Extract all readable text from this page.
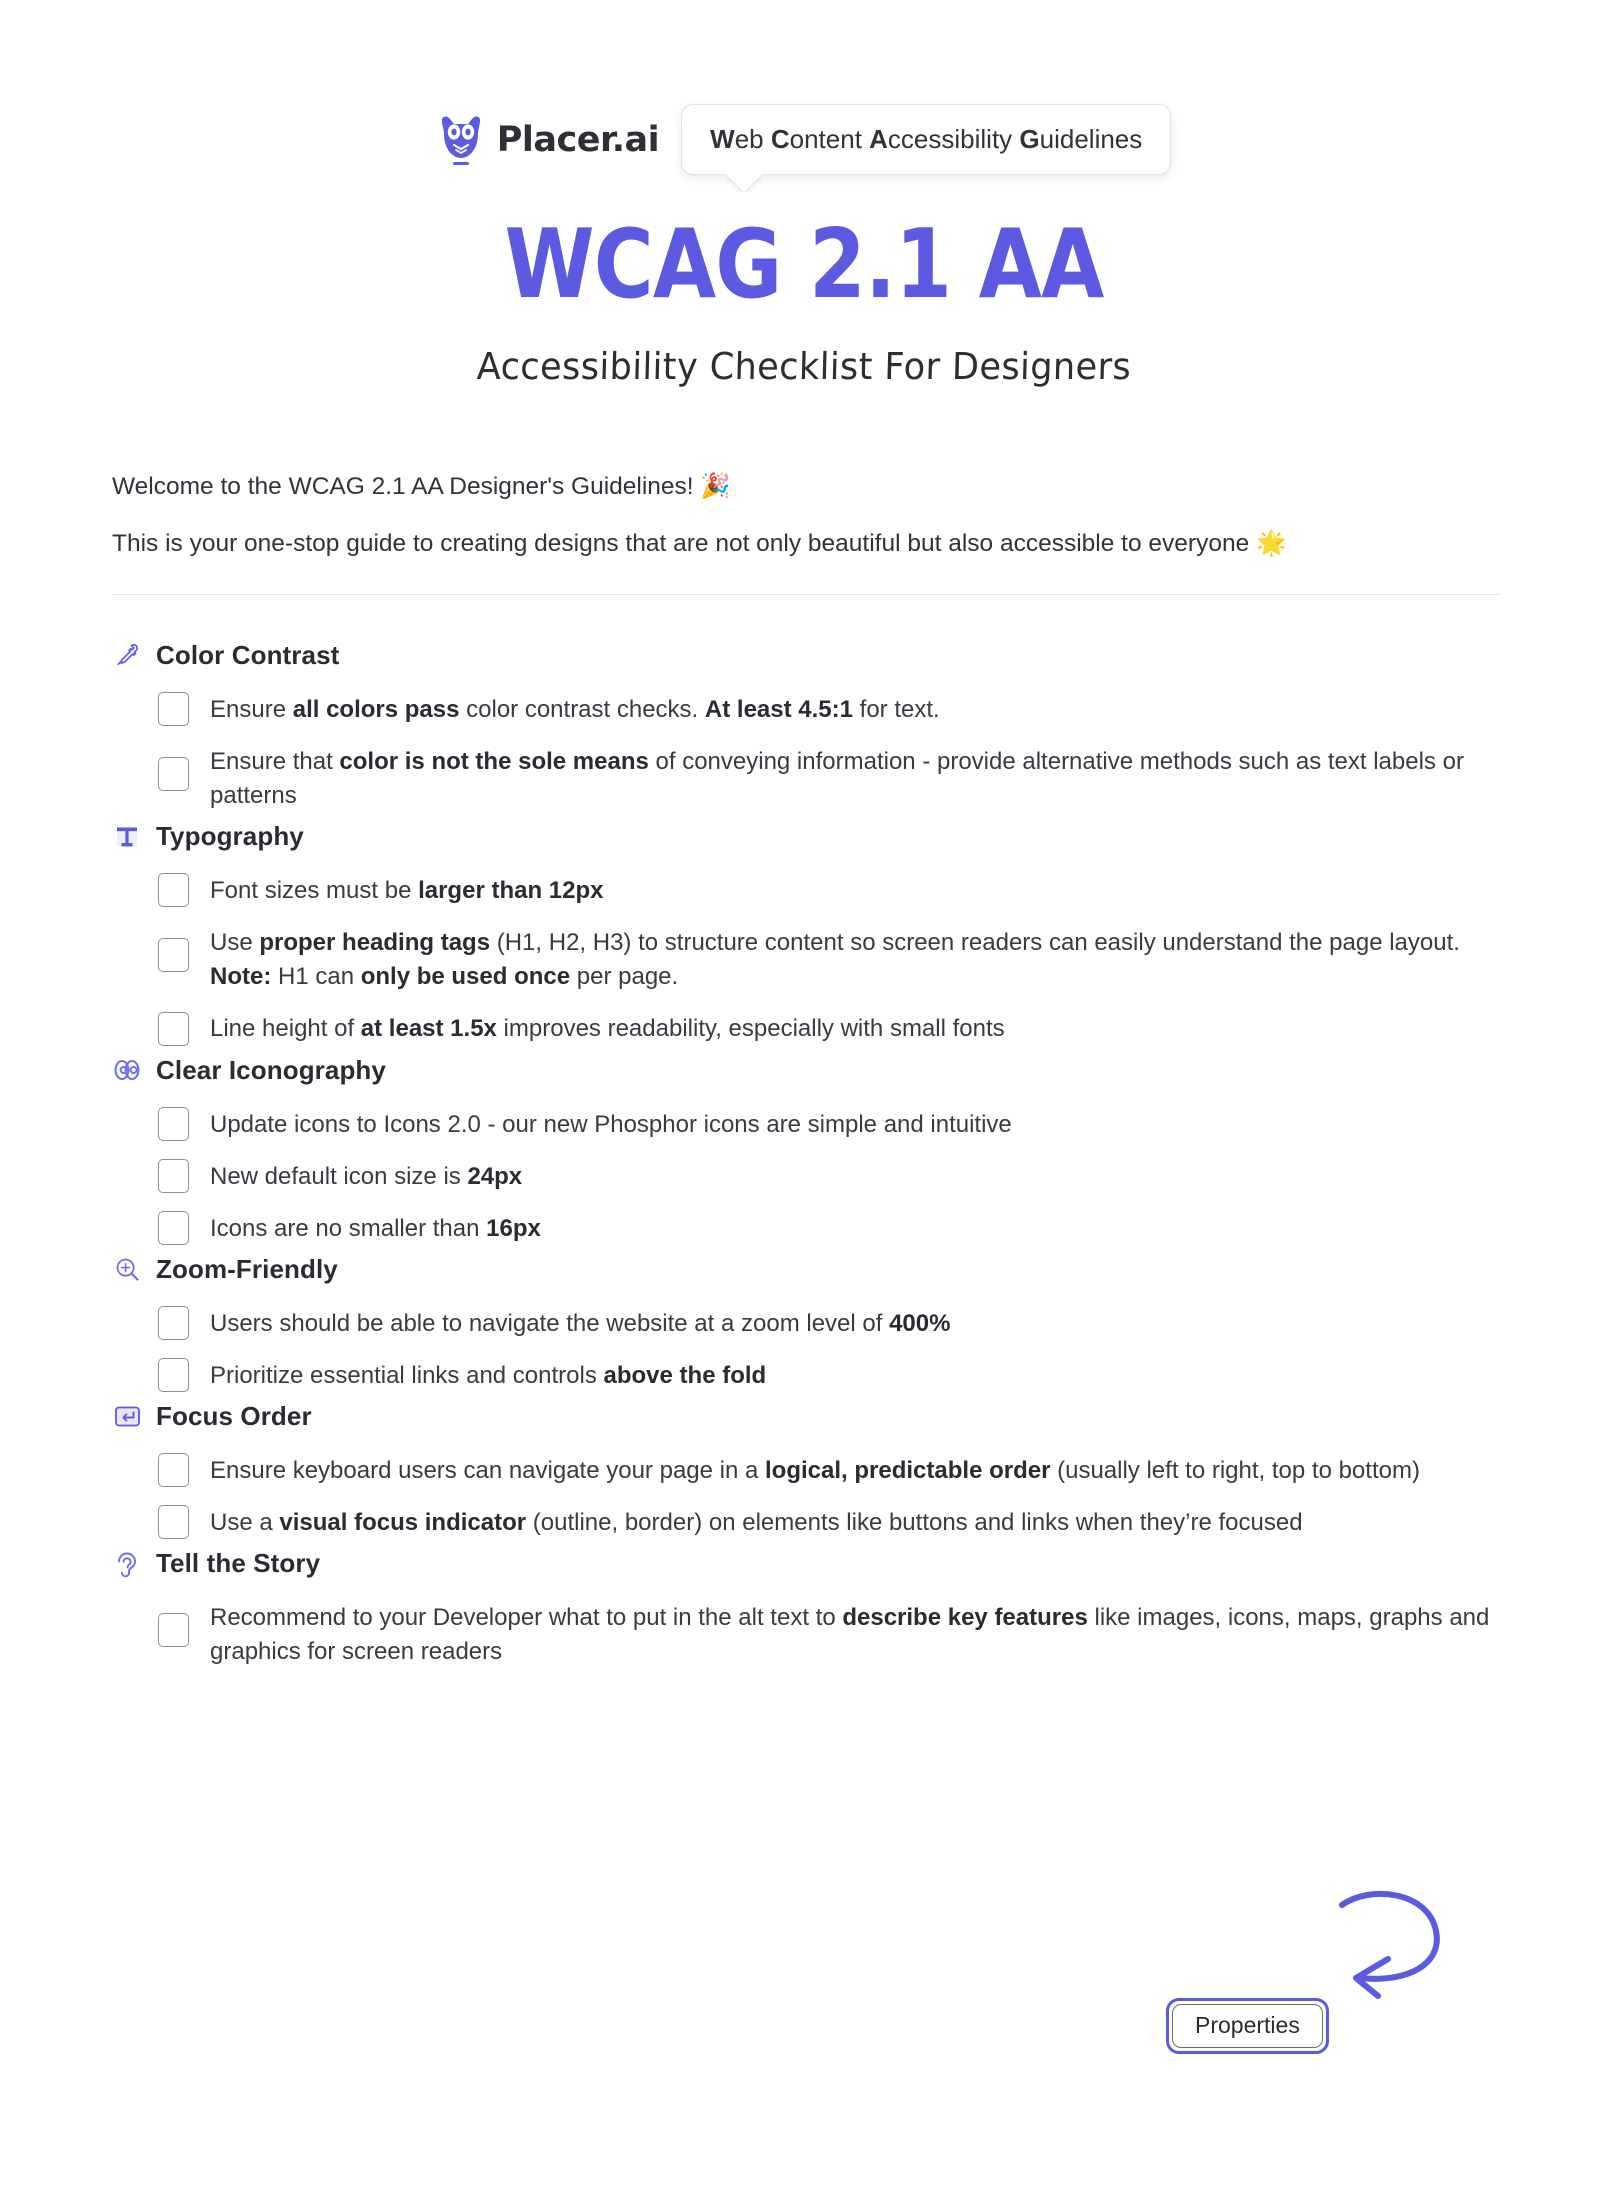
Placer.ai	Web Content Accessibility Guidelines
WCAG 2.1 AA
Accessibility Checklist For Designers

Welcome to the WCAG 2.1 AA Designer's Guidelines! 🎉

This is your one-stop guide to creating designs that are not only beautiful but also accessible to everyone 🌟

Color Contrast
Ensure all colors pass color contrast checks. At least 4.5:1 for text.
Ensure that color is not the sole means of conveying information - provide alternative methods such as text labels or patterns
Typography
Font sizes must be larger than 12px
Use proper heading tags (H1, H2, H3) to structure content so screen readers can easily understand the page layout. Note: H1 can only be used once per page.
Line height of at least 1.5x improves readability, especially with small fonts
Clear Iconography
Update icons to Icons 2.0 - our new Phosphor icons are simple and intuitive
New default icon size is 24px
Icons are no smaller than 16px
Zoom-Friendly
Users should be able to navigate the website at a zoom level of 400%
Prioritize essential links and controls above the fold
Focus Order
Ensure keyboard users can navigate your page in a logical, predictable order (usually left to right, top to bottom)
Use a visual focus indicator (outline, border) on elements like buttons and links when they’re focused
Tell the Story
Recommend to your Developer what to put in the alt text to describe key features like images, icons, maps, graphs and graphics for screen readers
Properties
